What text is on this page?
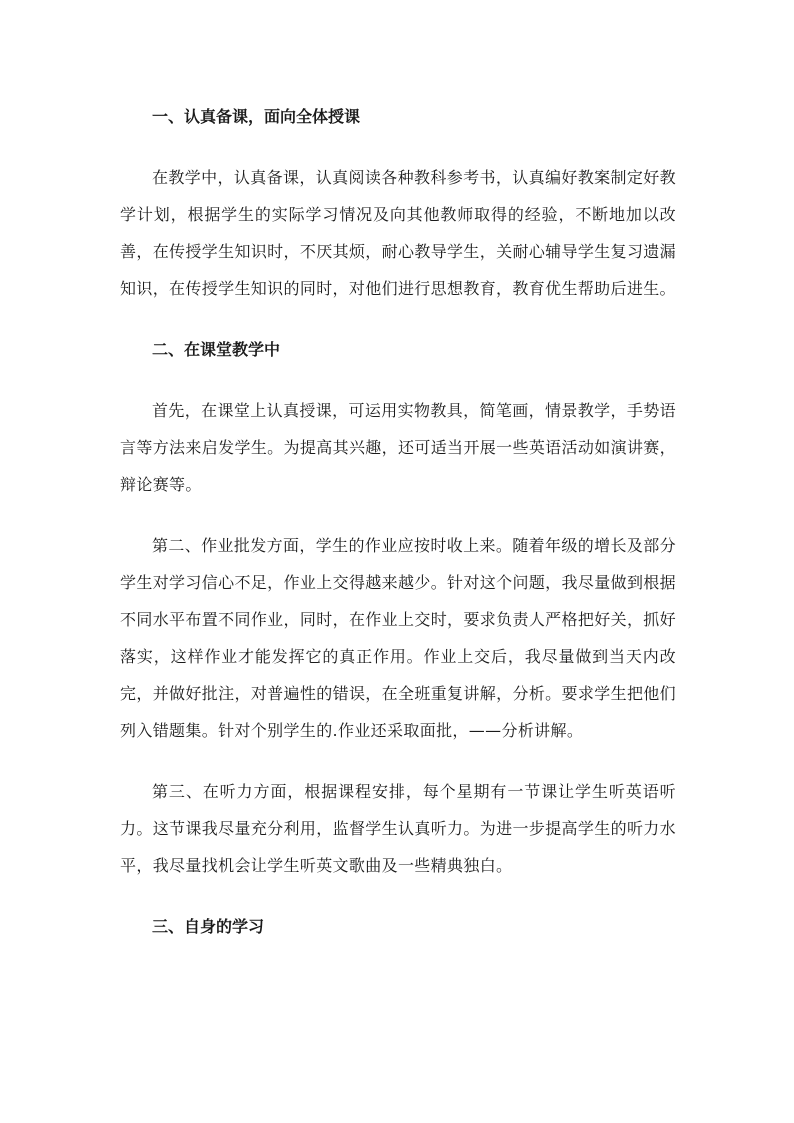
一、认真备课，面向全体授课

在教学中，认真备课，认真阅读各种教科参考书，认真编好教案制定好教学计划，根据学生的实际学习情况及向其他教师取得的经验，不断地加以改善，在传授学生知识时，不厌其烦，耐心教导学生，关耐心辅导学生复习遗漏知识，在传授学生知识的同时，对他们进行思想教育，教育优生帮助后进生。

二、在课堂教学中

首先，在课堂上认真授课，可运用实物教具，简笔画，情景教学，手势语言等方法来启发学生。为提高其兴趣，还可适当开展一些英语活动如演讲赛，辩论赛等。

第二、作业批发方面，学生的作业应按时收上来。随着年级的增长及部分学生对学习信心不足，作业上交得越来越少。针对这个问题，我尽量做到根据不同水平布置不同作业，同时，在作业上交时，要求负责人严格把好关，抓好落实，这样作业才能发挥它的真正作用。作业上交后，我尽量做到当天内改完，并做好批注，对普遍性的错误，在全班重复讲解，分析。要求学生把他们列入错题集。针对个别学生的.作业还采取面批，——分析讲解。

第三、在听力方面，根据课程安排，每个星期有一节课让学生听英语听力。这节课我尽量充分利用，监督学生认真听力。为进一步提高学生的听力水平，我尽量找机会让学生听英文歌曲及一些精典独白。

三、自身的学习
